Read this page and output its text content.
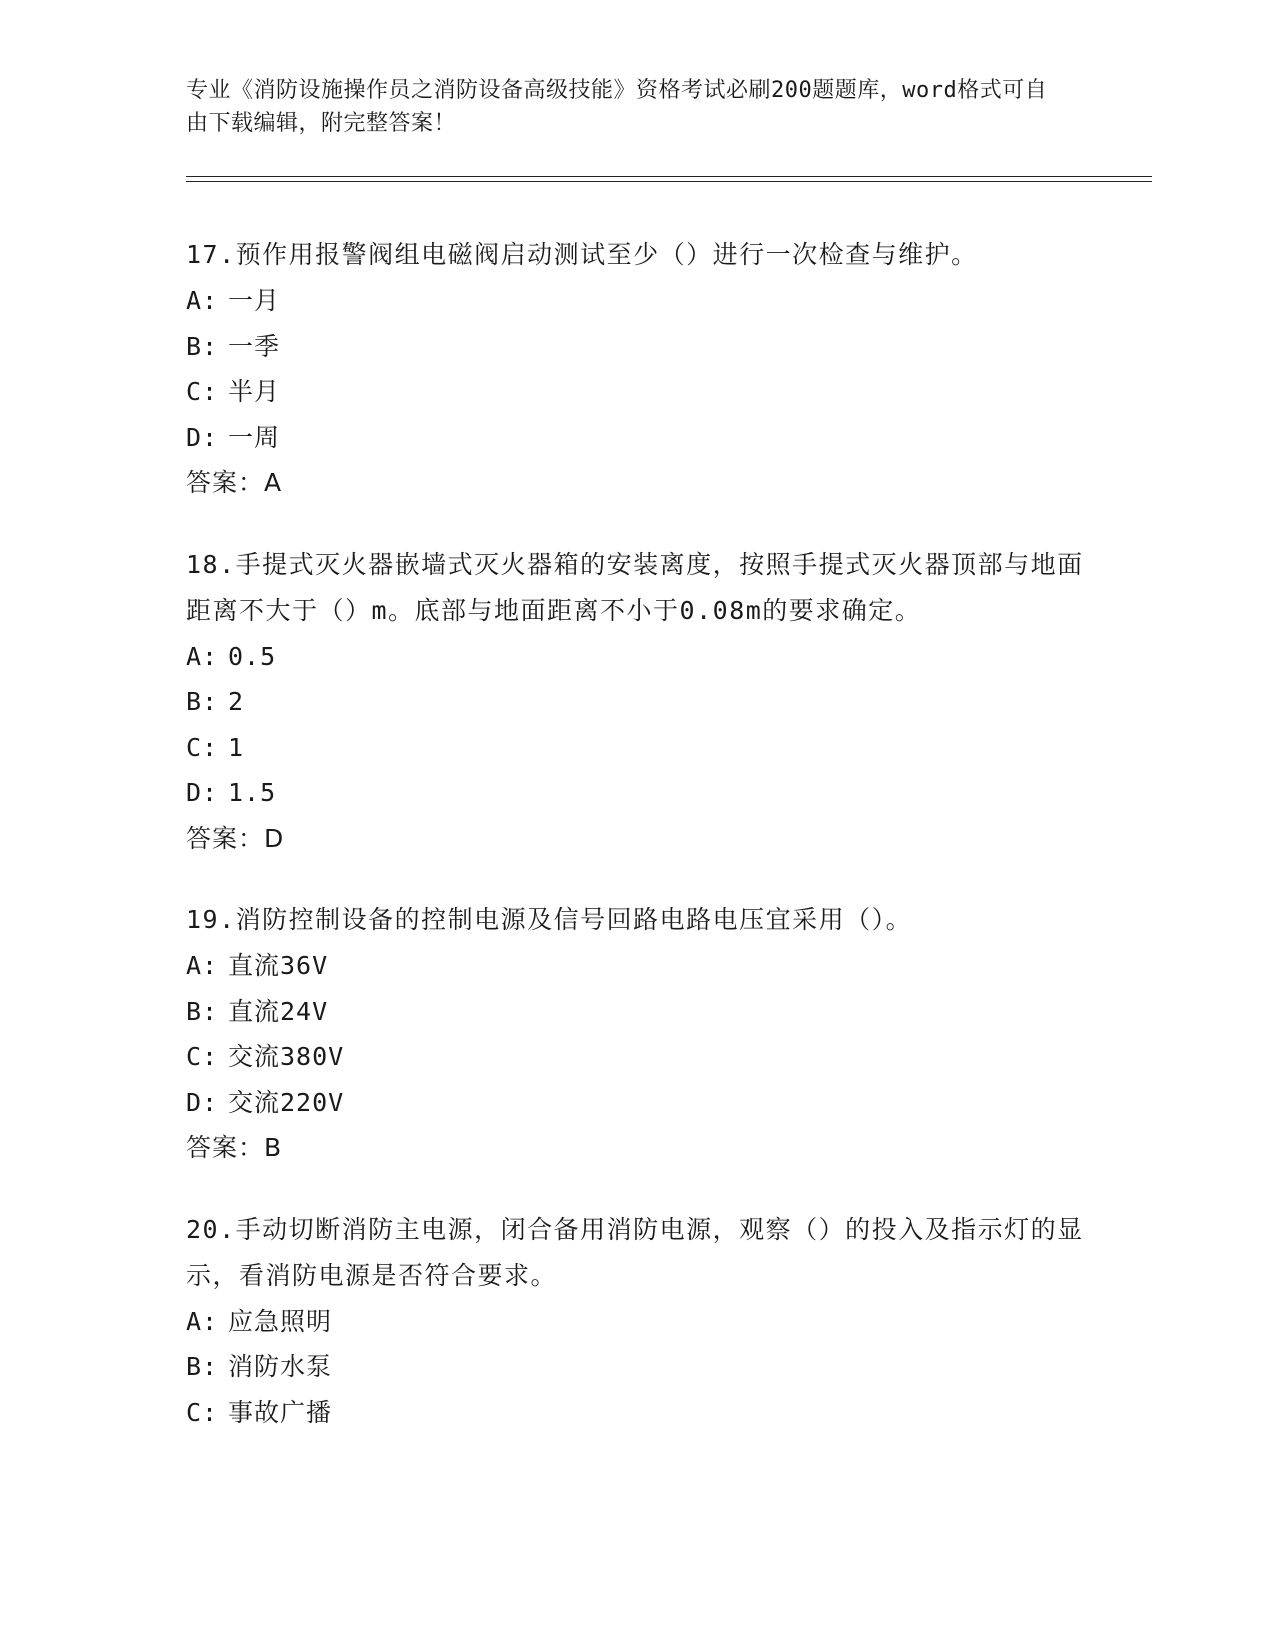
专业《消防设施操作员之消防设备高级技能》资格考试必刷200题题库，word格式可自由下载编辑，附完整答案！
17.预作用报警阀组电磁阀启动测试至少（）进行一次检查与维护。
A: 一月
B: 一季
C: 半月
D: 一周
答案：A
18.手提式灭火器嵌墙式灭火器箱的安装离度，按照手提式灭火器顶部与地面距离不大于（）m。底部与地面距离不小于0.08m的要求确定。
A: 0.5
B: 2
C: 1
D: 1.5
答案：D
19.消防控制设备的控制电源及信号回路电路电压宜采用（）。
A: 直流36V
B: 直流24V
C: 交流380V
D: 交流220V
答案：B
20.手动切断消防主电源，闭合备用消防电源，观察（）的投入及指示灯的显示，看消防电源是否符合要求。
A: 应急照明
B: 消防水泵
C: 事故广播
